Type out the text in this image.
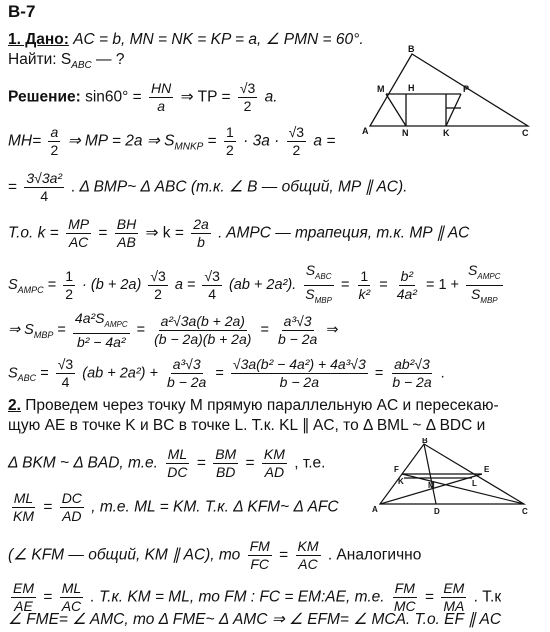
В-7
1. Дано: AC = b, MN = NK = KP = a, ∠ PMN = 60°.
Найти: $S_{ABC}$ — ?
Решение: $\sin 60^\circ = \frac{HN}{a}$ ⇒ TP = $\frac{√3}{2} a$.
$MH= \frac{a}{2}$ ⇒ MP = 2a ⇒ $S_{MNKP} = \frac{1}{2} \cdot 3a \cdot \frac{√3}{2}$ a =
= $\frac{\text{3√3a²}}{4}$ . Δ BMP~ Δ ABC (т.к. ∠ B — общий, MP ∥ AC).
Т.о. $k = \frac{MP}{AC} = \frac{BH}{AB}$ ⇒ $k = \frac{2a}{b}$ . AMPC — трапеция, т.к. MP ∥ AC
$S_{AMPC} = \frac{1}{2} \cdot (b + 2a) \frac{√3}{2}$ $a = \frac{√3}{4} (ab + 2a^2)$. $\frac{S_{ABC}}{S_{MBP}} = \frac{1}{\text{k²}} = \frac{\text{b²}}{\text{4a²}} = 1 + \frac{S_{AMPC}}{S_{MBP}}$
⇒ $S_{MBP} = \frac{4a^2S_{AMPC}}{\text{b² − 4a²}} = \frac{\text{a²√3a(b + 2a)}}{(b - 2a)(b + 2a)} = \frac{\text{a³√3}}{b - 2a}$ ⇒
$S_{ABC} = \frac{√3}{4} (ab + 2a^2) + \frac{\text{a³√3}}{b - 2a} = \frac{\text{√3a(b² − 4a²) + 4a³√3}}{b - 2a} = \frac{\text{ab²√3}}{b - 2a}$ .
2. Проведем через точку M прямую параллельную AC и пересекаю-
щую AE в точке K и BC в точке L. Т.к. KL ∥ AC, то Δ BML ~ Δ BDC и
Δ BKM ~ Δ BAD, т.е. $\frac{ML}{DC} = \frac{BM}{BD} = \frac{KM}{AD}$ , т.е.
$\frac{ML}{KM} = \frac{DC}{AD}$ , т.е. ML = KM. Т.к. Δ KFM~ Δ AFC
(∠ KFM — общий, KM ∥ AC), то $\frac{FM}{FC} = \frac{KM}{AC}$ . Аналогично
$\frac{EM}{AE} = \frac{ML}{AC}$ . Т.к. KM = ML, то FM : FC = EM:AE, т.е. $\frac{FM}{MC} = \frac{EM}{MA}$ . Т.к
∠ FME= ∠ AMC, то Δ FME~ Δ AMC ⇒ ∠ EFM= ∠ MCA. Т.о. EF ∥ AC
B
M	H	P
A	N	K	C
B
F
K	M	L
E
A	D	C
